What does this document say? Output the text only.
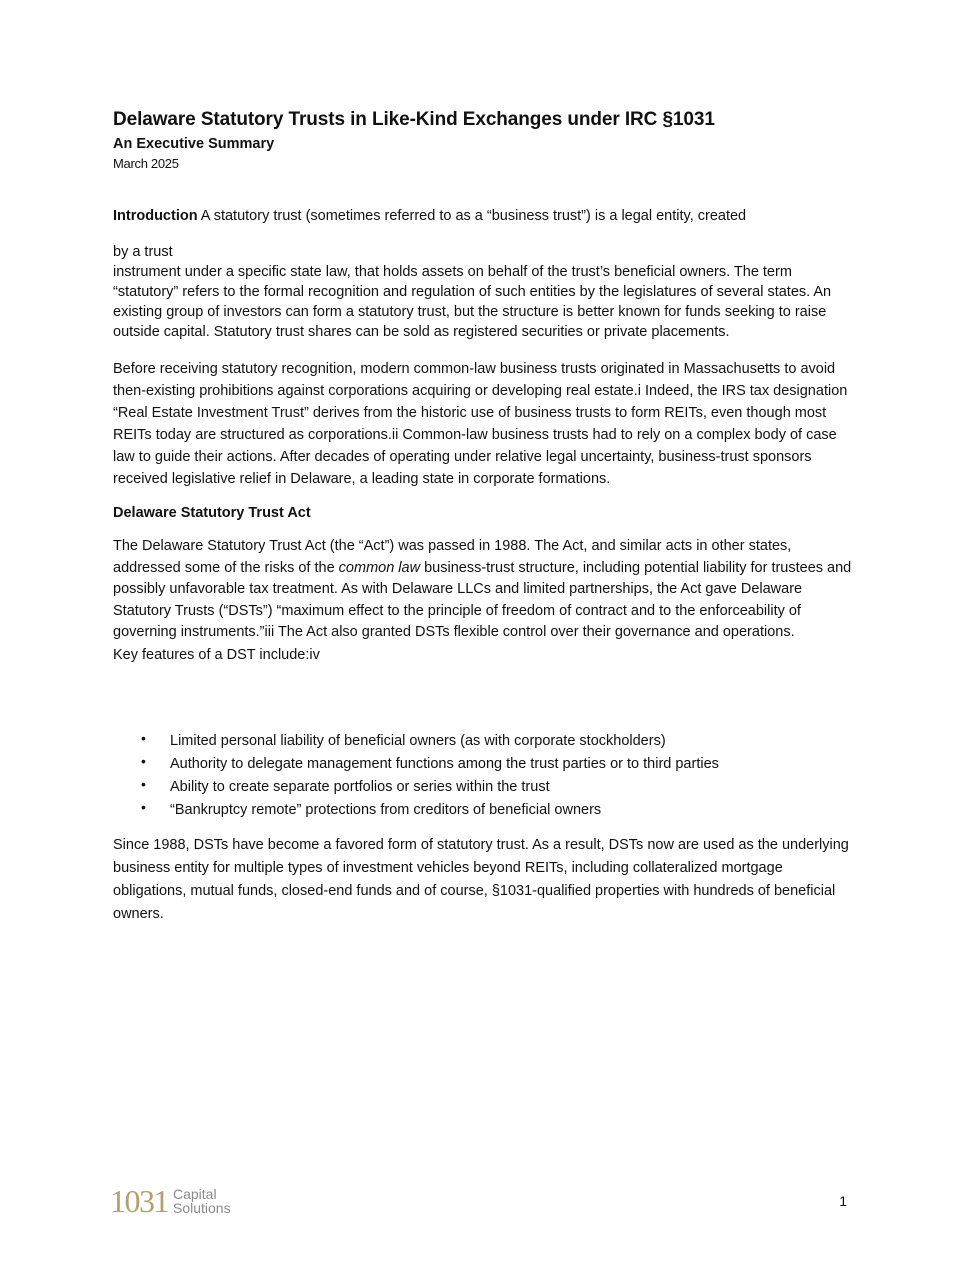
Delaware Statutory Trusts in Like-Kind Exchanges under IRC §1031

An Executive Summary

March 2025

Introduction A statutory trust (sometimes referred to as a “business trust”) is a legal entity, created

by a trust

instrument under a specific state law, that holds assets on behalf of the trust’s beneficial owners. The term “statutory” refers to the formal recognition and regulation of such entities by the legislatures of several states. An existing group of investors can form a statutory trust, but the structure is better known for funds seeking to raise outside capital. Statutory trust shares can be sold as registered securities or private placements.

Before receiving statutory recognition, modern common-law business trusts originated in Massachusetts to avoid then-existing prohibitions against corporations acquiring or developing real estate.i Indeed, the IRS tax designation “Real Estate Investment Trust” derives from the historic use of business trusts to form REITs, even though most REITs today are structured as corporations.ii Common-law business trusts had to rely on a complex body of case law to guide their actions. After decades of operating under relative legal uncertainty, business-trust sponsors received legislative relief in Delaware, a leading state in corporate formations.

Delaware Statutory Trust Act

The Delaware Statutory Trust Act (the “Act”) was passed in 1988. The Act, and similar acts in other states, addressed some of the risks of the common law business-trust structure, including potential liability for trustees and possibly unfavorable tax treatment. As with Delaware LLCs and limited partnerships, the Act gave Delaware Statutory Trusts (“DSTs”) “maximum effect to the principle of freedom of contract and to the enforceability of governing instruments.”iii The Act also granted DSTs flexible control over their governance and operations.

Key features of a DST include:iv

• Limited personal liability of beneficial owners (as with corporate stockholders)
• Authority to delegate management functions among the trust parties or to third parties
• Ability to create separate portfolios or series within the trust
• “Bankruptcy remote” protections from creditors of beneficial owners

Since 1988, DSTs have become a favored form of statutory trust. As a result, DSTs now are used as the underlying business entity for multiple types of investment vehicles beyond REITs, including collateralized mortgage obligations, mutual funds, closed-end funds and of course, §1031-qualified properties with hundreds of beneficial owners.

1031 Capital
Solutions	1
